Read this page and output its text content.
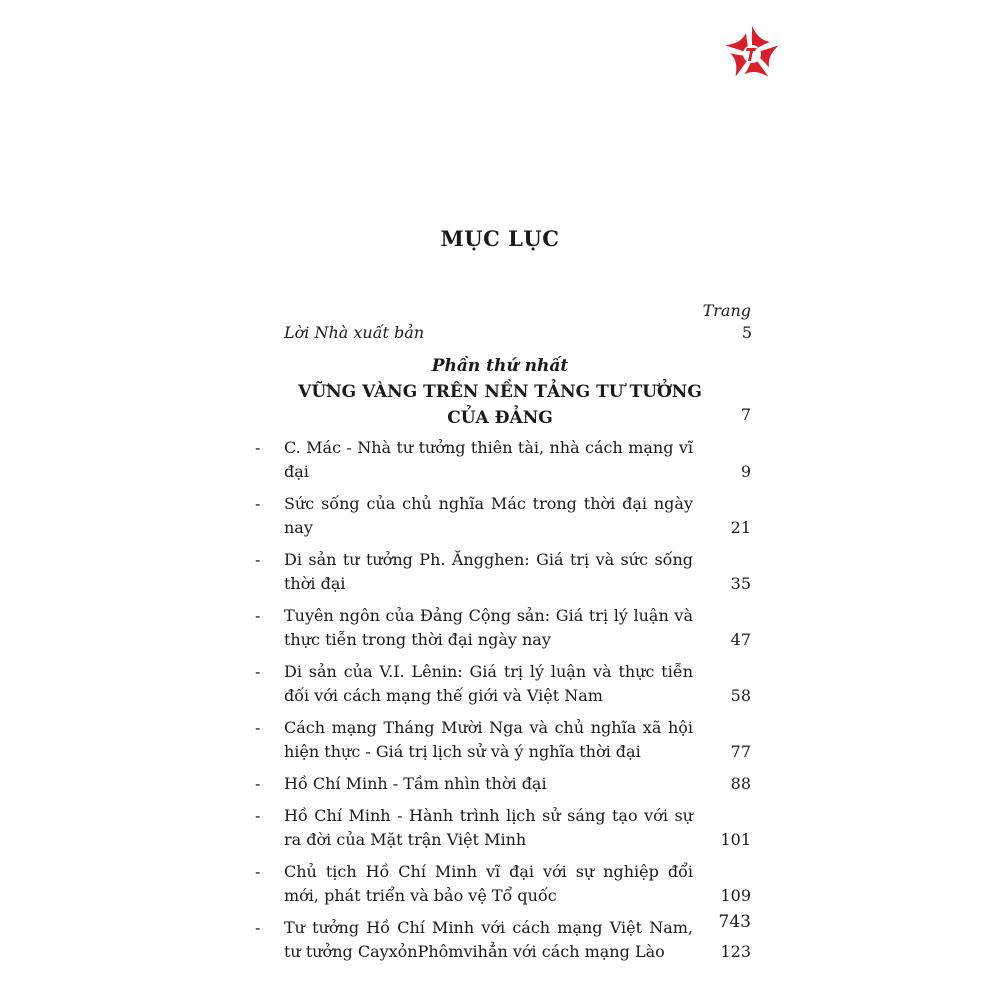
MỤC LỤC
Trang
Lời Nhà xuất bản	5
Phần thứ nhất
VỮNG VÀNG TRÊN NỀN TẢNG TƯ TƯỞNG
CỦA ĐẢNG	7
- C. Mác - Nhà tư tưởng thiên tài, nhà cách mạng vĩ đại	9
- Sức sống của chủ nghĩa Mác trong thời đại ngày nay	21
- Di sản tư tưởng Ph. Ăngghen: Giá trị và sức sống thời đại	35
- Tuyên ngôn của Đảng Cộng sản: Giá trị lý luận và thực tiễn trong thời đại ngày nay	47
- Di sản của V.I. Lênin: Giá trị lý luận và thực tiễn đối với cách mạng thế giới và Việt Nam	58
- Cách mạng Tháng Mười Nga và chủ nghĩa xã hội hiện thực - Giá trị lịch sử và ý nghĩa thời đại	77
- Hồ Chí Minh - Tầm nhìn thời đại	88
- Hồ Chí Minh - Hành trình lịch sử sáng tạo với sự ra đời của Mặt trận Việt Minh	101
- Chủ tịch Hồ Chí Minh vĩ đại với sự nghiệp đổi mới, phát triển và bảo vệ Tổ quốc	109
- Tư tưởng Hồ Chí Minh với cách mạng Việt Nam, tư tưởng CayxỏnPhômvihẳn với cách mạng Lào	123
743
